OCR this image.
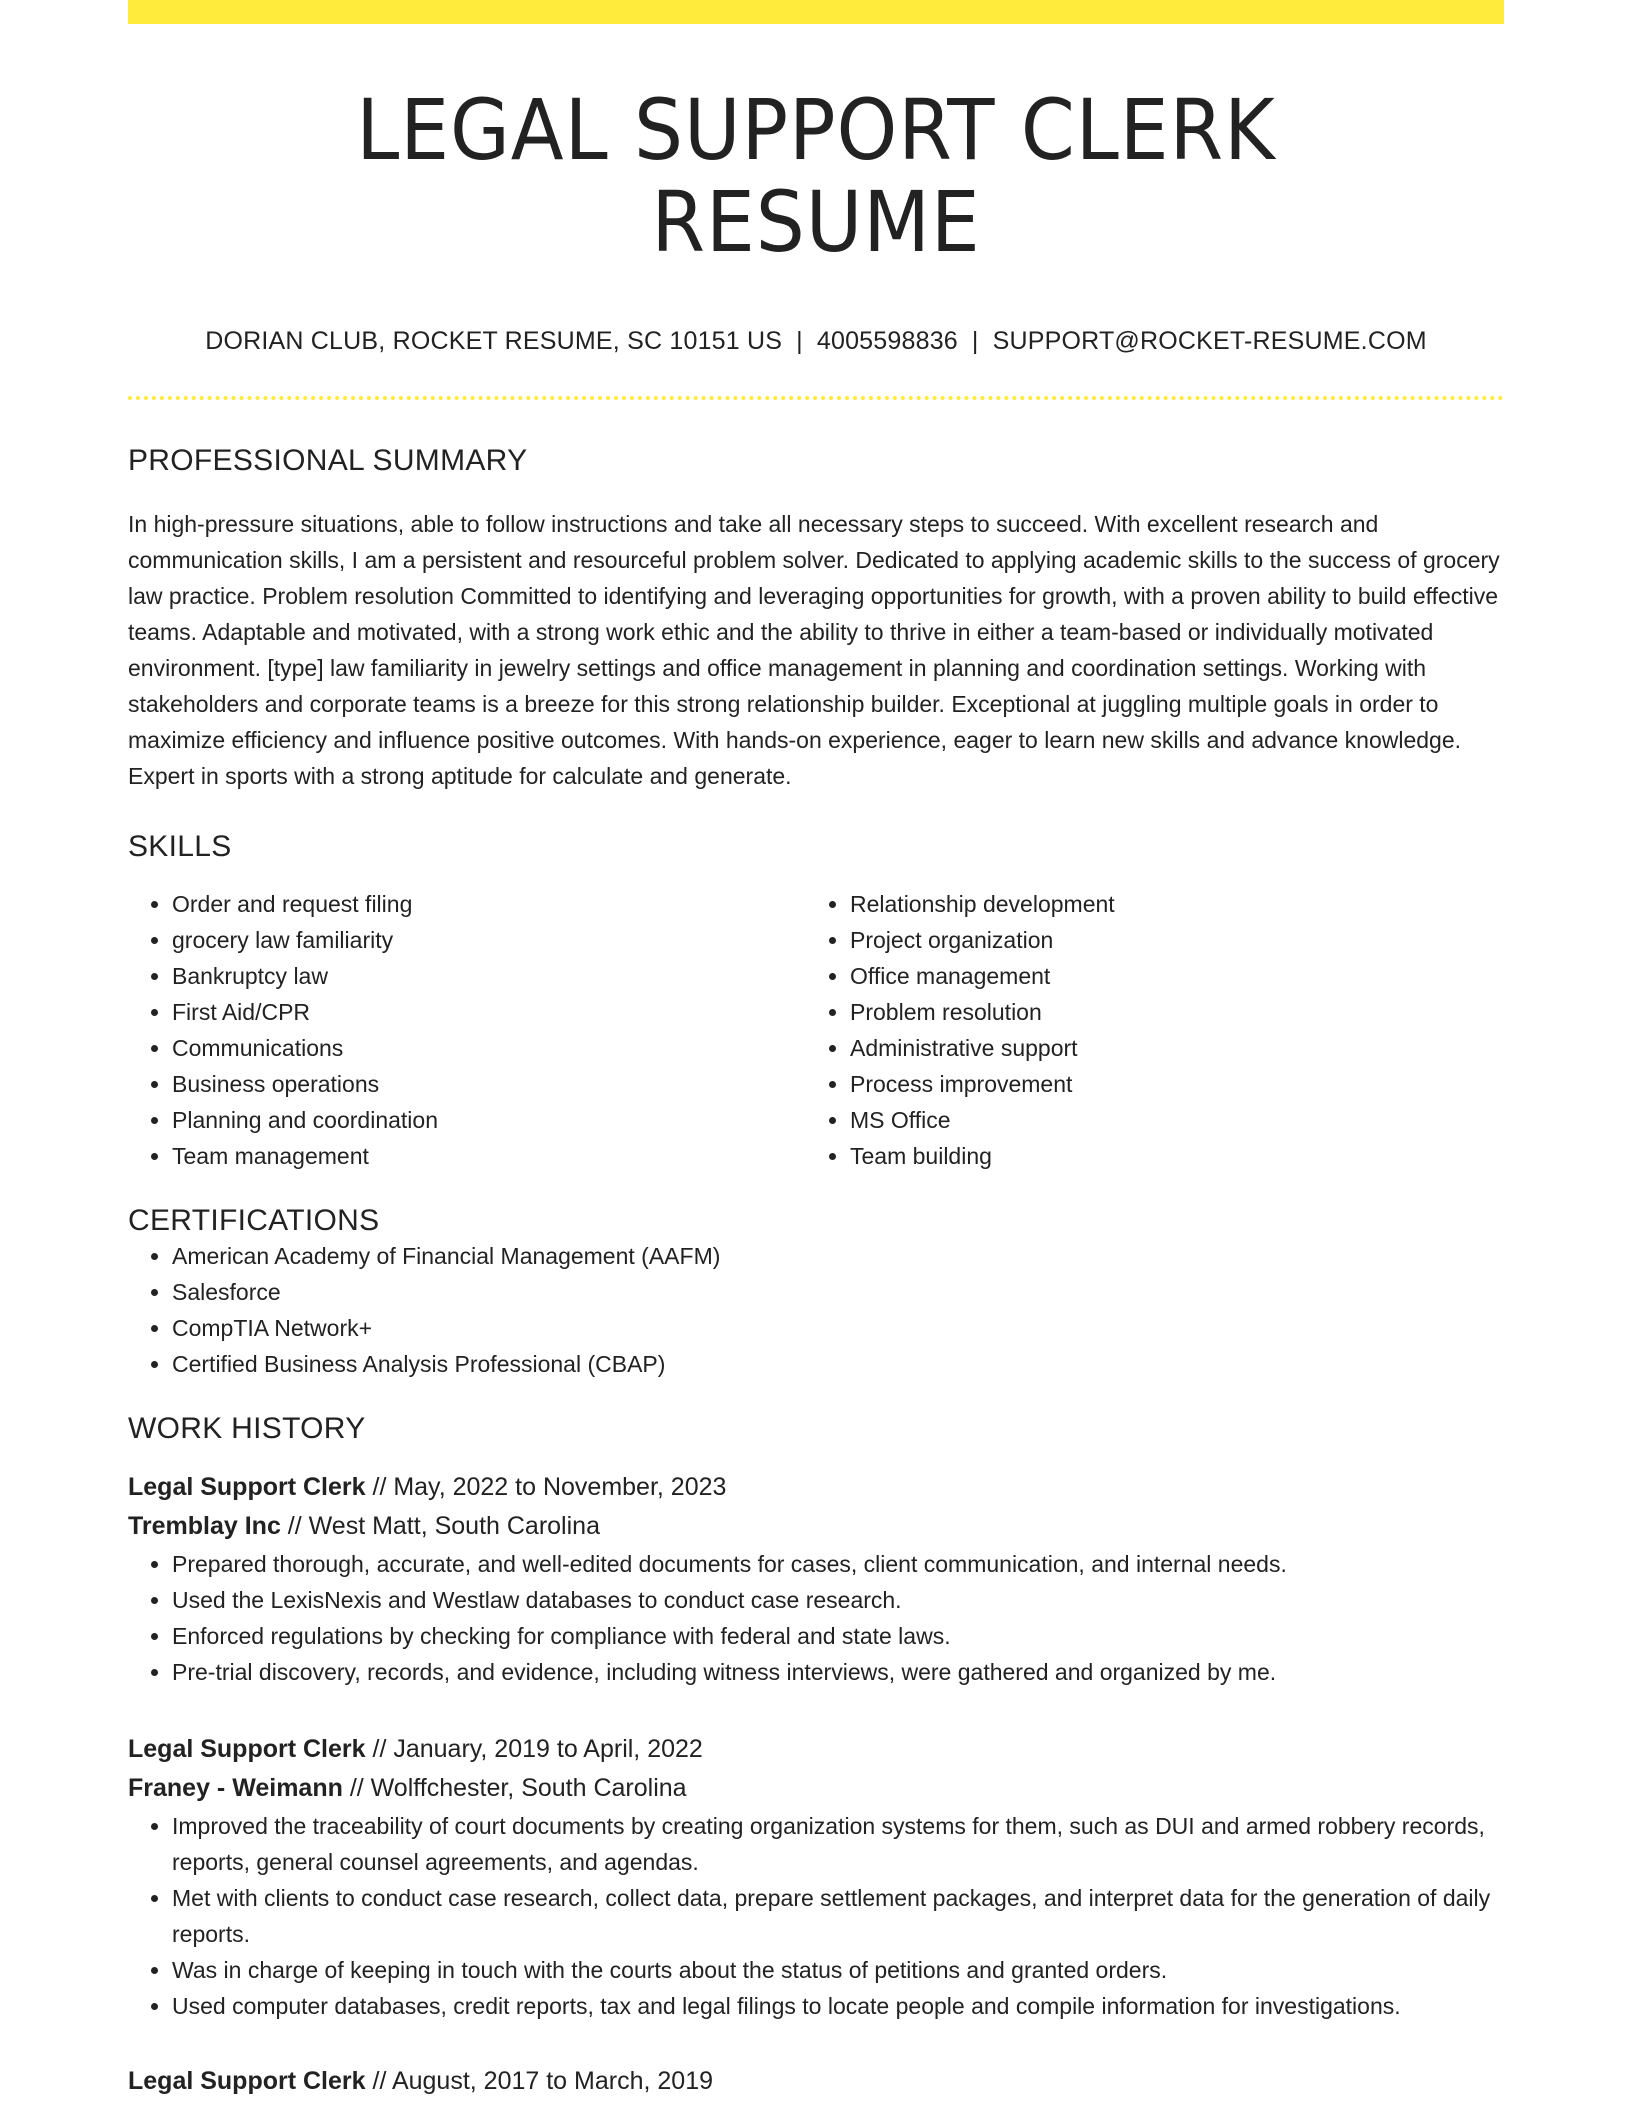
LEGAL SUPPORT CLERK RESUME
DORIAN CLUB, ROCKET RESUME, SC 10151 US | 4005598836 | SUPPORT@ROCKET-RESUME.COM
PROFESSIONAL SUMMARY
In high-pressure situations, able to follow instructions and take all necessary steps to succeed. With excellent research and communication skills, I am a persistent and resourceful problem solver. Dedicated to applying academic skills to the success of grocery law practice. Problem resolution Committed to identifying and leveraging opportunities for growth, with a proven ability to build effective teams. Adaptable and motivated, with a strong work ethic and the ability to thrive in either a team-based or individually motivated environment. [type] law familiarity in jewelry settings and office management in planning and coordination settings. Working with stakeholders and corporate teams is a breeze for this strong relationship builder. Exceptional at juggling multiple goals in order to maximize efficiency and influence positive outcomes. With hands-on experience, eager to learn new skills and advance knowledge. Expert in sports with a strong aptitude for calculate and generate.
SKILLS
• Order and request filing
• grocery law familiarity
• Bankruptcy law
• First Aid/CPR
• Communications
• Business operations
• Planning and coordination
• Team management
• Relationship development
• Project organization
• Office management
• Problem resolution
• Administrative support
• Process improvement
• MS Office
• Team building
CERTIFICATIONS
• American Academy of Financial Management (AAFM)
• Salesforce
• CompTIA Network+
• Certified Business Analysis Professional (CBAP)
WORK HISTORY
Legal Support Clerk // May, 2022 to November, 2023
Tremblay Inc // West Matt, South Carolina
• Prepared thorough, accurate, and well-edited documents for cases, client communication, and internal needs.
• Used the LexisNexis and Westlaw databases to conduct case research.
• Enforced regulations by checking for compliance with federal and state laws.
• Pre-trial discovery, records, and evidence, including witness interviews, were gathered and organized by me.
Legal Support Clerk // January, 2019 to April, 2022
Franey - Weimann // Wolffchester, South Carolina
• Improved the traceability of court documents by creating organization systems for them, such as DUI and armed robbery records, reports, general counsel agreements, and agendas.
• Met with clients to conduct case research, collect data, prepare settlement packages, and interpret data for the generation of daily reports.
• Was in charge of keeping in touch with the courts about the status of petitions and granted orders.
• Used computer databases, credit reports, tax and legal filings to locate people and compile information for investigations.
Legal Support Clerk // August, 2017 to March, 2019
